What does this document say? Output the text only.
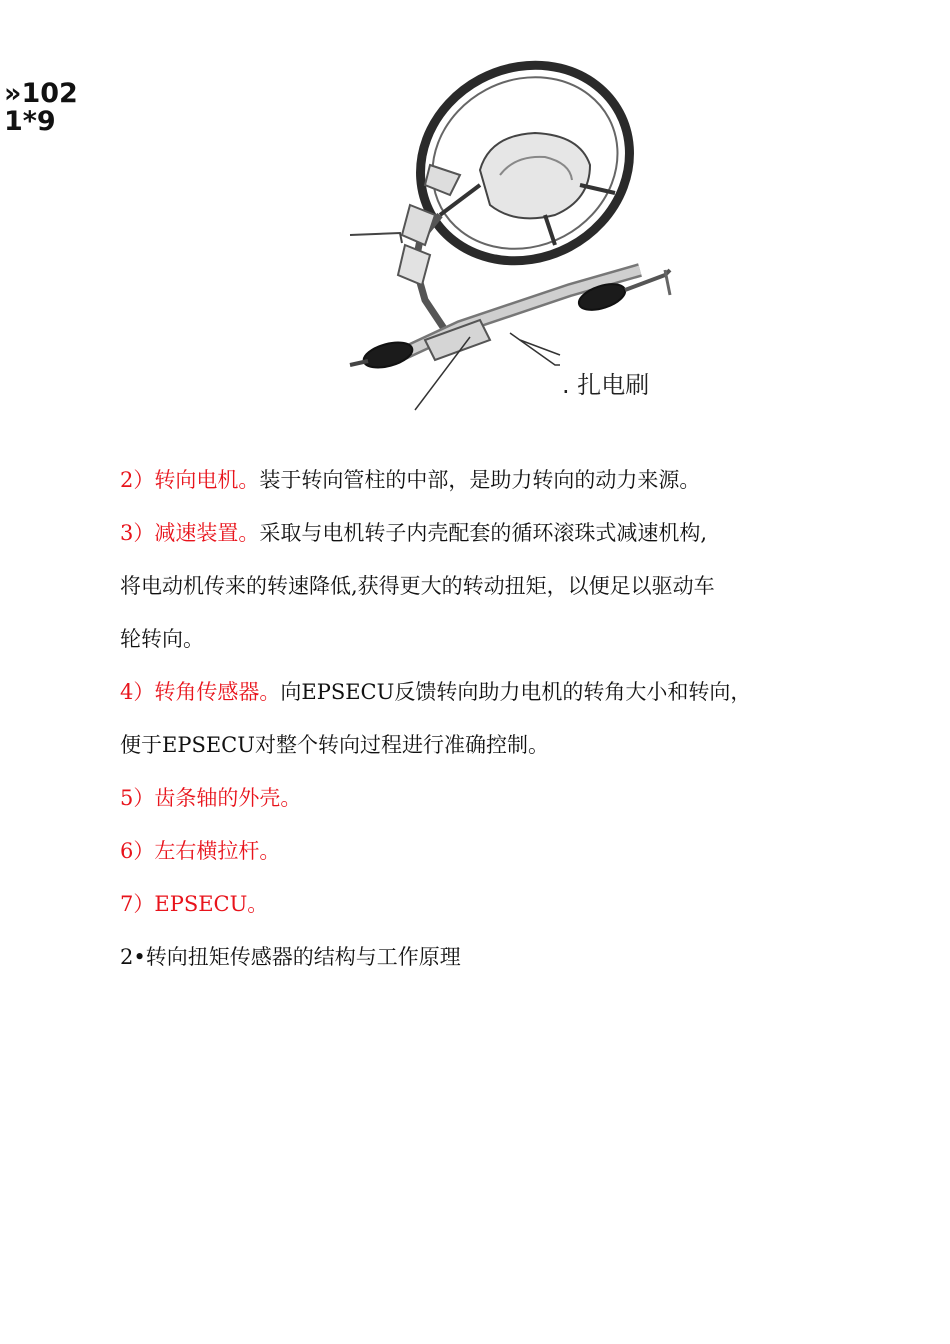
»102
1*9
. 扎电刷

2）转向电机。装于转向管柱的中部，是助力转向的动力来源。

3）减速装置。采取与电机转子内壳配套的循环滚珠式减速机构,

将电动机传来的转速降低,获得更大的转动扭矩，以便足以驱动车

轮转向。

4）转角传感器。向EPSECU反馈转向助力电机的转角大小和转向，

便于EPSECU对整个转向过程进行准确控制。

5）齿条轴的外壳。

6）左右横拉杆。

7）EPSECU。

2•转向扭矩传感器的结构与工作原理
